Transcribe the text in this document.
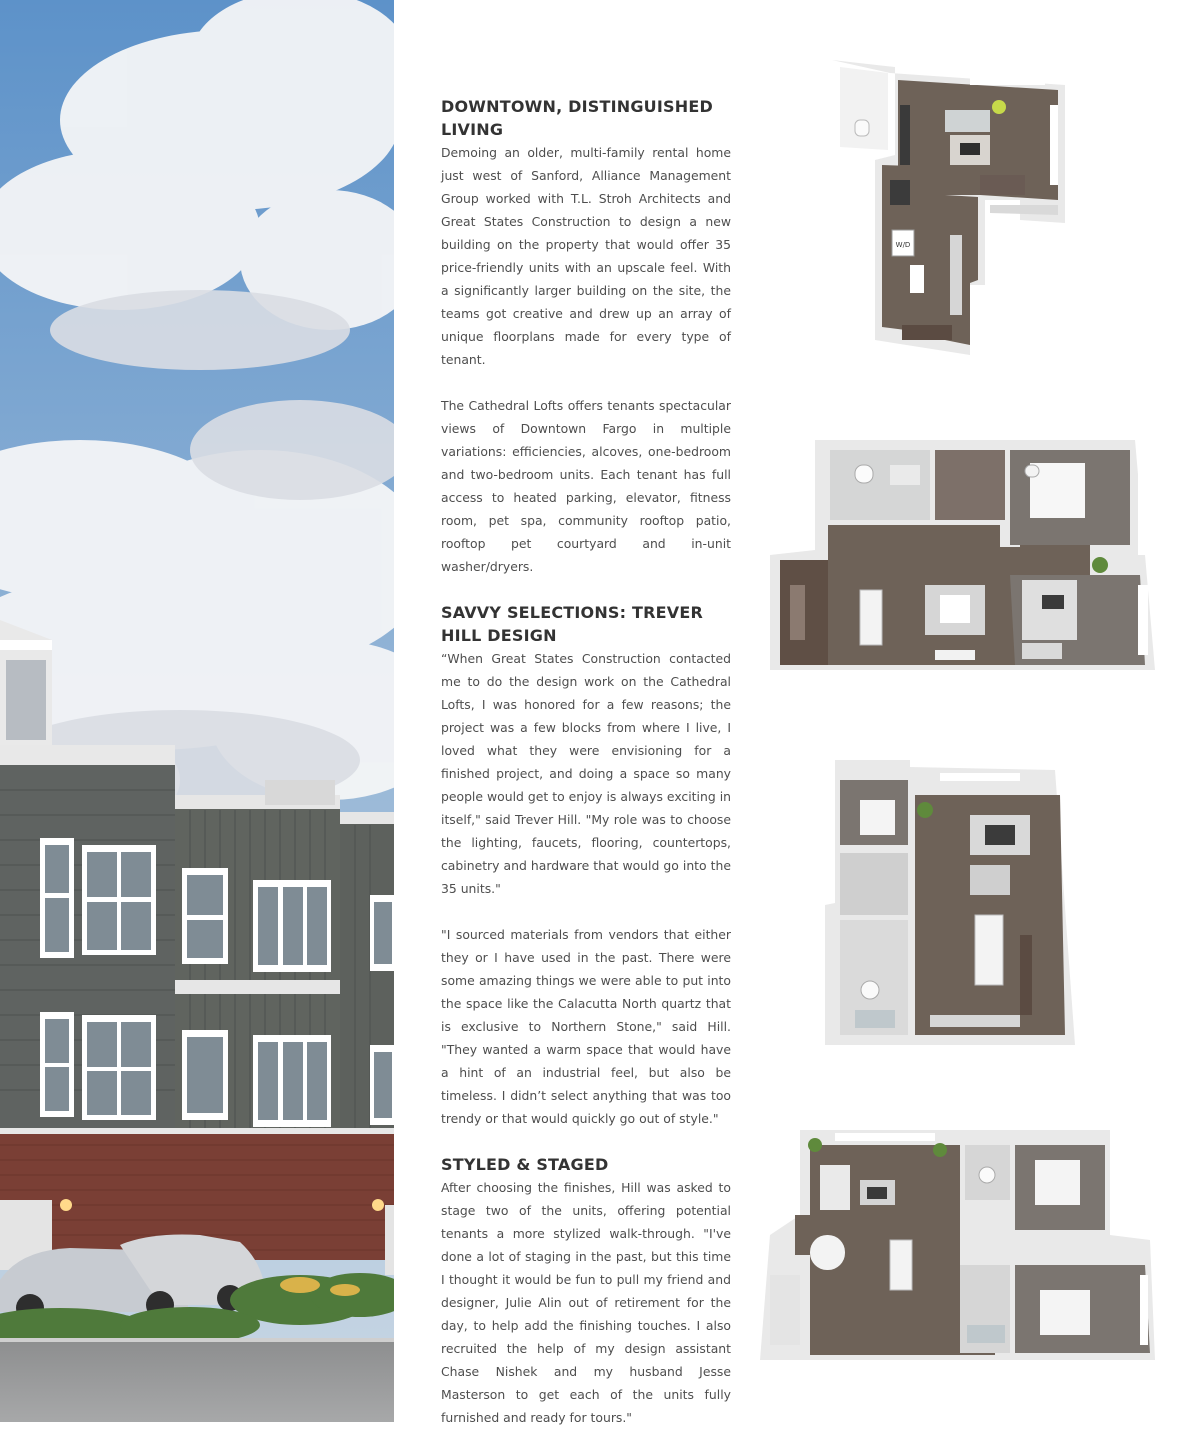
DOWNTOWN, DISTINGUISHED LIVING

Demoing an older, multi-family rental home just west of Sanford, Alliance Management Group worked with T.L. Stroh Architects and Great States Construction to design a new building on the property that would offer 35 price-friendly units with an upscale feel. With a significantly larger building on the site, the teams got creative and drew up an array of unique floorplans made for every type of tenant.

The Cathedral Lofts offers tenants spectacular views of Downtown Fargo in multiple variations: efficiencies, alcoves, one-bedroom and two-bedroom units. Each tenant has full access to heated parking, elevator, fitness room, pet spa, community rooftop patio, rooftop pet courtyard and in-unit washer/dryers.

SAVVY SELECTIONS: TREVER HILL DESIGN

“When Great States Construction contacted me to do the design work on the Cathedral Lofts, I was honored for a few reasons; the project was a few blocks from where I live, I loved what they were envisioning for a finished project, and doing a space so many people would get to enjoy is always exciting in itself," said Trever Hill. "My role was to choose the lighting, faucets, flooring, countertops, cabinetry and hardware that would go into the 35 units."

"I sourced materials from vendors that either they or I have used in the past. There were some amazing things we were able to put into the space like the Calacutta North quartz that is exclusive to Northern Stone," said Hill. "They wanted a warm space that would have a hint of an industrial feel, but also be timeless. I didn’t select anything that was too trendy or that would quickly go out of style."

STYLED & STAGED

After choosing the finishes, Hill was asked to stage two of the units, offering potential tenants a more stylized walk-through. "I've done a lot of staging in the past, but this time I thought it would be fun to pull my friend and designer, Julie Alin out of retirement for the day, to help add the finishing touches. I also recruited the help of my design assistant Chase Nishek and my husband Jesse Masterson to get each of the units fully furnished and ready for tours."

W/D
